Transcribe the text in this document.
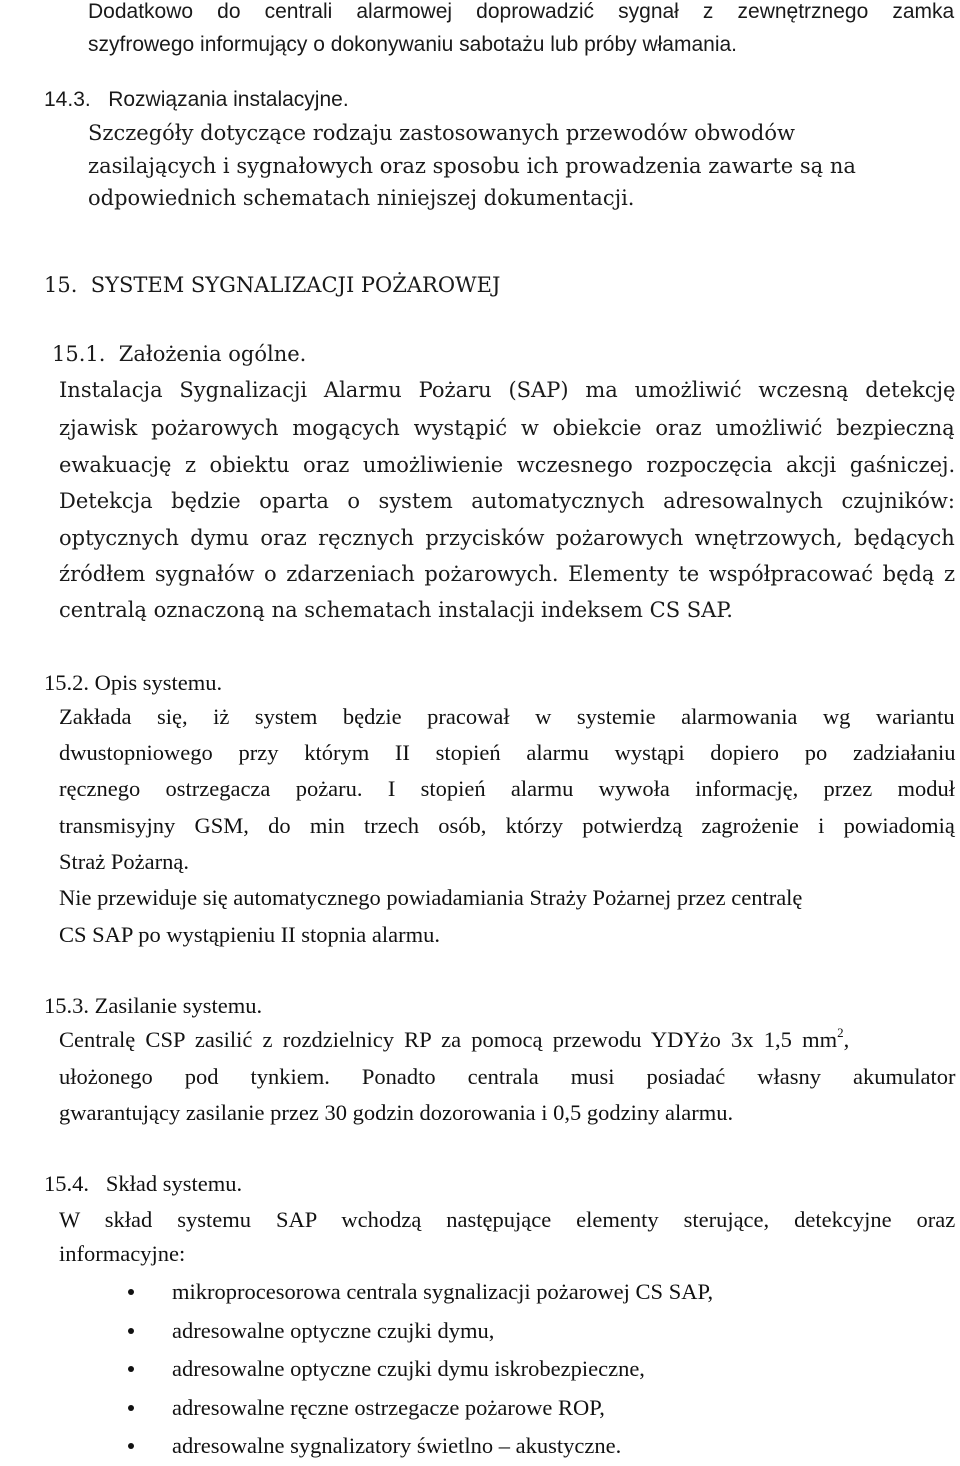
Dodatkowo do centrali alarmowej doprowadzić sygnał z zewnętrznego zamka

szyfrowego informujący o dokonywaniu sabotażu lub próby włamania.

14.3.   Rozwiązania instalacyjne.

Szczegóły dotyczące rodzaju zastosowanych przewodów obwodów

zasilających i sygnałowych oraz sposobu ich prowadzenia zawarte są na

odpowiednich schematach niniejszej dokumentacji.

15.  SYSTEM SYGNALIZACJI POŻAROWEJ

15.1.  Założenia ogólne.

Instalacja Sygnalizacji Alarmu Pożaru (SAP) ma umożliwić wczesną detekcję

zjawisk pożarowych mogących wystąpić w obiekcie oraz umożliwić bezpieczną

ewakuację z obiektu oraz umożliwienie wczesnego rozpoczęcia akcji gaśniczej.

Detekcja będzie oparta o system automatycznych adresowalnych czujników:

optycznych dymu oraz ręcznych przycisków pożarowych wnętrzowych, będących

źródłem sygnałów o zdarzeniach pożarowych. Elementy te współpracować będą z

centralą oznaczoną na schematach instalacji indeksem CS SAP.

15.2. Opis systemu.

Zakłada się, iż system będzie pracował w systemie alarmowania wg wariantu

dwustopniowego przy którym II stopień alarmu wystąpi dopiero po zadziałaniu

ręcznego ostrzegacza pożaru. I stopień alarmu wywoła informację, przez moduł

transmisyjny GSM, do min trzech osób, którzy potwierdzą zagrożenie i powiadomią

Straż Pożarną.

Nie przewiduje się automatycznego powiadamiania Straży Pożarnej przez centralę

CS SAP po wystąpieniu II stopnia alarmu.

15.3. Zasilanie systemu.

Centralę CSP zasilić z rozdzielnicy RP za pomocą przewodu YDYżo 3x 1,5 $mm^2$,

ułożonego pod tynkiem. Ponadto centrala musi posiadać własny akumulator

gwarantujący zasilanie przez 30 godzin dozorowania i 0,5 godziny alarmu.

15.4.   Skład systemu.

W skład systemu SAP wchodzą następujące elementy sterujące, detekcyjne oraz

informacyjne:

mikroprocesorowa centrala sygnalizacji pożarowej CS SAP,
adresowalne optyczne czujki dymu,
adresowalne optyczne czujki dymu iskrobezpieczne,
adresowalne ręczne ostrzegacze pożarowe ROP,
adresowalne sygnalizatory świetlno – akustyczne.
